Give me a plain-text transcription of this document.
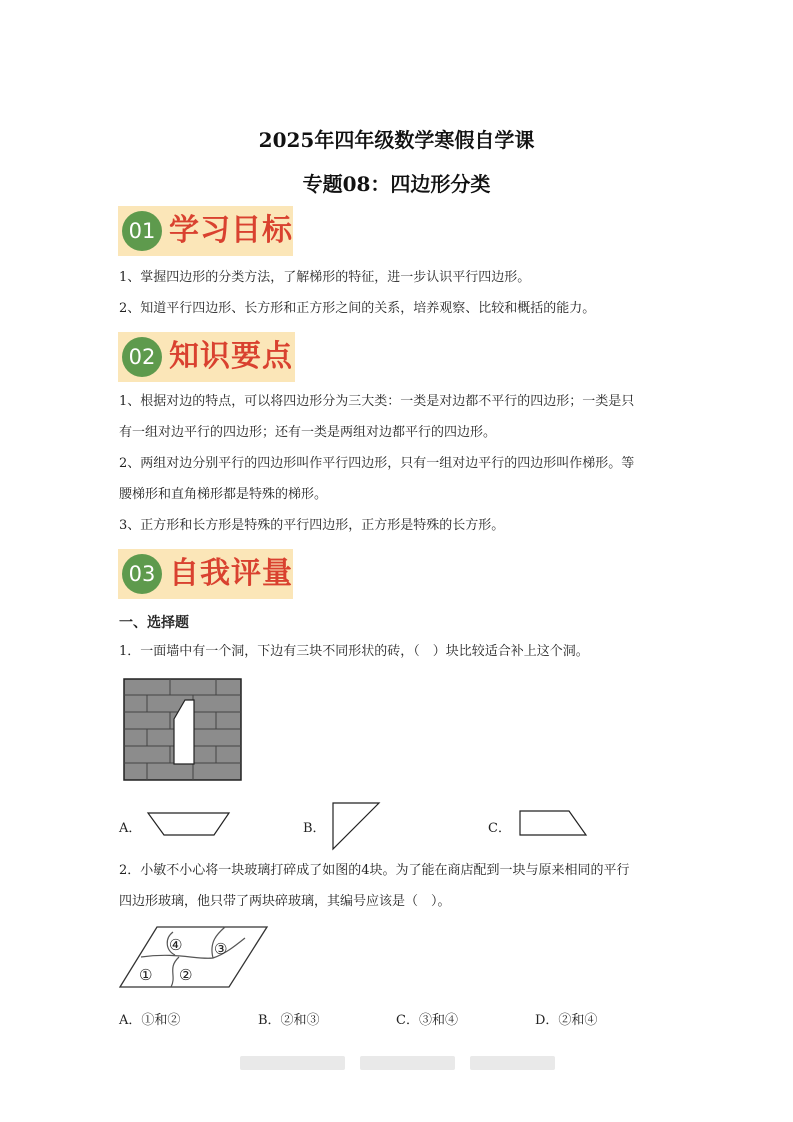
2025年四年级数学寒假自学课
专题08：四边形分类
01 学习目标
1、掌握四边形的分类方法，了解梯形的特征，进一步认识平行四边形。
2、知道平行四边形、长方形和正方形之间的关系，培养观察、比较和概括的能力。
02 知识要点
1、根据对边的特点，可以将四边形分为三大类：一类是对边都不平行的四边形；一类是只
有一组对边平行的四边形；还有一类是两组对边都平行的四边形。
2、两组对边分别平行的四边形叫作平行四边形，只有一组对边平行的四边形叫作梯形。等
腰梯形和直角梯形都是特殊的梯形。
3、正方形和长方形是特殊的平行四边形，正方形是特殊的长方形。
03 自我评量
一、选择题
1．一面墙中有一个洞，下边有三块不同形状的砖，（　）块比较适合补上这个洞。
A．	B．	C．
2．小敏不小心将一块玻璃打碎成了如图的4块。为了能在商店配到一块与原来相同的平行
四边形玻璃，他只带了两块碎玻璃，其编号应该是（　）。
④ ③
① ②
A．①和②	B．②和③	C．③和④	D．②和④
